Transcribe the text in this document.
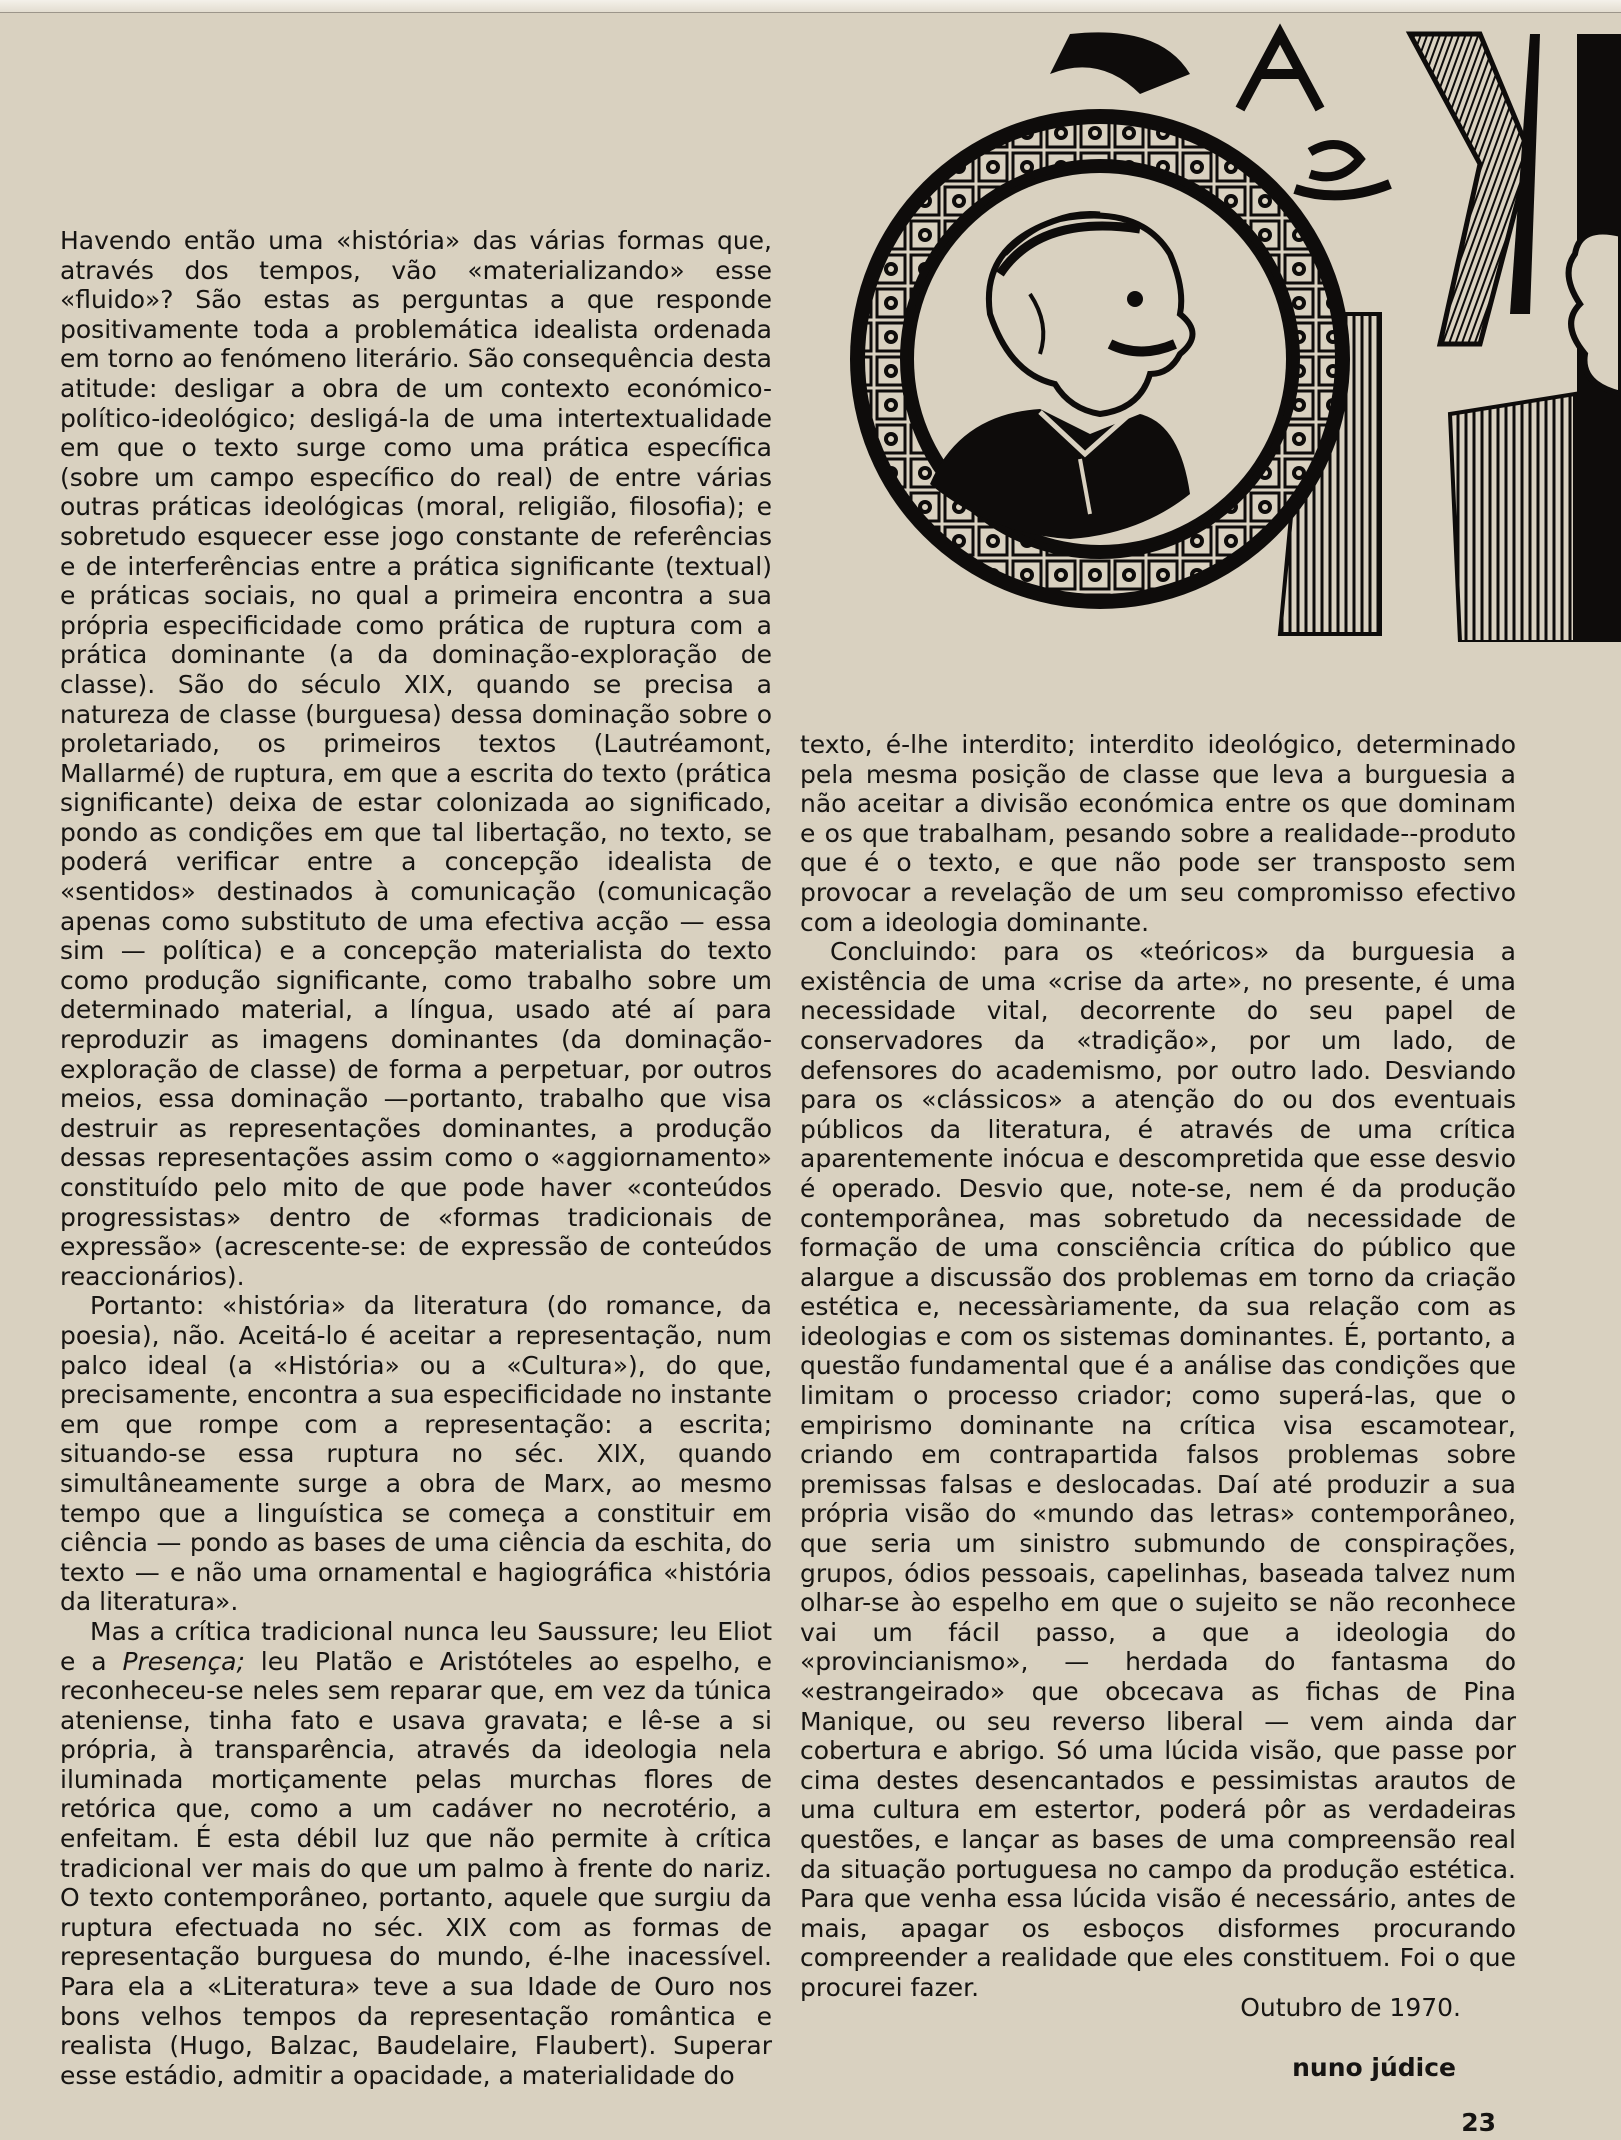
Havendo então uma «história» das várias formas que, através dos tempos, vão «materializando» esse «fluido»? São estas as perguntas a que responde positivamente toda a problemática idealista ordenada em torno ao fenómeno literário. São consequência desta atitude: desligar a obra de um contexto económico-político-ideológico; desligá-la de uma intertextualidade em que o texto surge como uma prática específica (sobre um campo específico do real) de entre várias outras práticas ideológicas (moral, religião, filosofia); e sobretudo esquecer esse jogo constante de referências e de interferências entre a prática significante (textual) e práticas sociais, no qual a primeira encontra a sua própria especificidade como prática de ruptura com a prática dominante (a da dominação-exploração de classe). São do século XIX, quando se precisa a natureza de classe (burguesa) dessa dominação sobre o proletariado, os primeiros textos (Lautréamont, Mallarmé) de ruptura, em que a escrita do texto (prática significante) deixa de estar colonizada ao significado, pondo as condições em que tal libertação, no texto, se poderá verificar entre a concepção idealista de «sentidos» destinados à comunicação (comunicação apenas como substituto de uma efectiva acção — essa sim — política) e a concepção materialista do texto como produção significante, como trabalho sobre um determinado material, a língua, usado até aí para reproduzir as imagens dominantes (da dominação-exploração de classe) de forma a perpetuar, por outros meios, essa dominação —portanto, trabalho que visa destruir as representações dominantes, a produção dessas representações assim como o «aggiornamento» constituído pelo mito de que pode haver «conteúdos progressistas» dentro de «formas tradicionais de expressão» (acrescente-se: de expressão de conteúdos reaccionários).

Portanto: «história» da literatura (do romance, da poesia), não. Aceitá-lo é aceitar a representação, num palco ideal (a «História» ou a «Cultura»), do que, precisamente, encontra a sua especificidade no instante em que rompe com a representação: a escrita; situando-se essa ruptura no séc. XIX, quando simultâneamente surge a obra de Marx, ao mesmo tempo que a linguística se começa a constituir em ciência — pondo as bases de uma ciência da eschita, do texto — e não uma ornamental e hagiográfica «história da literatura».

Mas a crítica tradicional nunca leu Saussure; leu Eliot e a Presença; leu Platão e Aristóteles ao espelho, e reconheceu-se neles sem reparar que, em vez da túnica ateniense, tinha fato e usava gravata; e lê-se a si própria, à transparência, através da ideologia nela iluminada mortiçamente pelas murchas flores de retórica que, como a um cadáver no necrotério, a enfeitam. É esta débil luz que não permite à crítica tradicional ver mais do que um palmo à frente do nariz. O texto contemporâneo, portanto, aquele que surgiu da ruptura efectuada no séc. XIX com as formas de representação burguesa do mundo, é-lhe inacessível. Para ela a «Literatura» teve a sua Idade de Ouro nos bons velhos tempos da representação romântica e realista (Hugo, Balzac, Baudelaire, Flaubert). Superar esse estádio, admitir a opacidade, a materialidade do

texto, é-lhe interdito; interdito ideológico, determinado pela mesma posição de classe que leva a burguesia a não aceitar a divisão económica entre os que dominam e os que trabalham, pesando sobre a realidade--produto que é o texto, e que não pode ser transposto sem provocar a revelação de um seu compromisso efectivo com a ideologia dominante.

Concluindo: para os «teóricos» da burguesia a existência de uma «crise da arte», no presente, é uma necessidade vital, decorrente do seu papel de conservadores da «tradição», por um lado, de defensores do academismo, por outro lado. Desviando para os «clássicos» a atenção do ou dos eventuais públicos da literatura, é através de uma crítica aparentemente inócua e descompretida que esse desvio é operado. Desvio que, note-se, nem é da produção contemporânea, mas sobretudo da necessidade de formação de uma consciência crítica do público que alargue a discussão dos problemas em torno da criação estética e, necessàriamente, da sua relação com as ideologias e com os sistemas dominantes. É, portanto, a questão fundamental que é a análise das condições que limitam o processo criador; como superá-las, que o empirismo dominante na crítica visa escamotear, criando em contrapartida falsos problemas sobre premissas falsas e deslocadas. Daí até produzir a sua própria visão do «mundo das letras» contemporâneo, que seria um sinistro submundo de conspirações, grupos, ódios pessoais, capelinhas, baseada talvez num olhar-se ào espelho em que o sujeito se não reconhece vai um fácil passo, a que a ideologia do «provincianismo», — herdada do fantasma do «estrangeirado» que obcecava as fichas de Pina Manique, ou seu reverso liberal — vem ainda dar cobertura e abrigo. Só uma lúcida visão, que passe por cima destes desencantados e pessimistas arautos de uma cultura em estertor, poderá pôr as verdadeiras questões, e lançar as bases de uma compreensão real da situação portuguesa no campo da produção estética. Para que venha essa lúcida visão é necessário, antes de mais, apagar os esboços disformes procurando compreender a realidade que eles constituem. Foi o que procurei fazer.

Outubro de 1970.
nuno júdice
23
